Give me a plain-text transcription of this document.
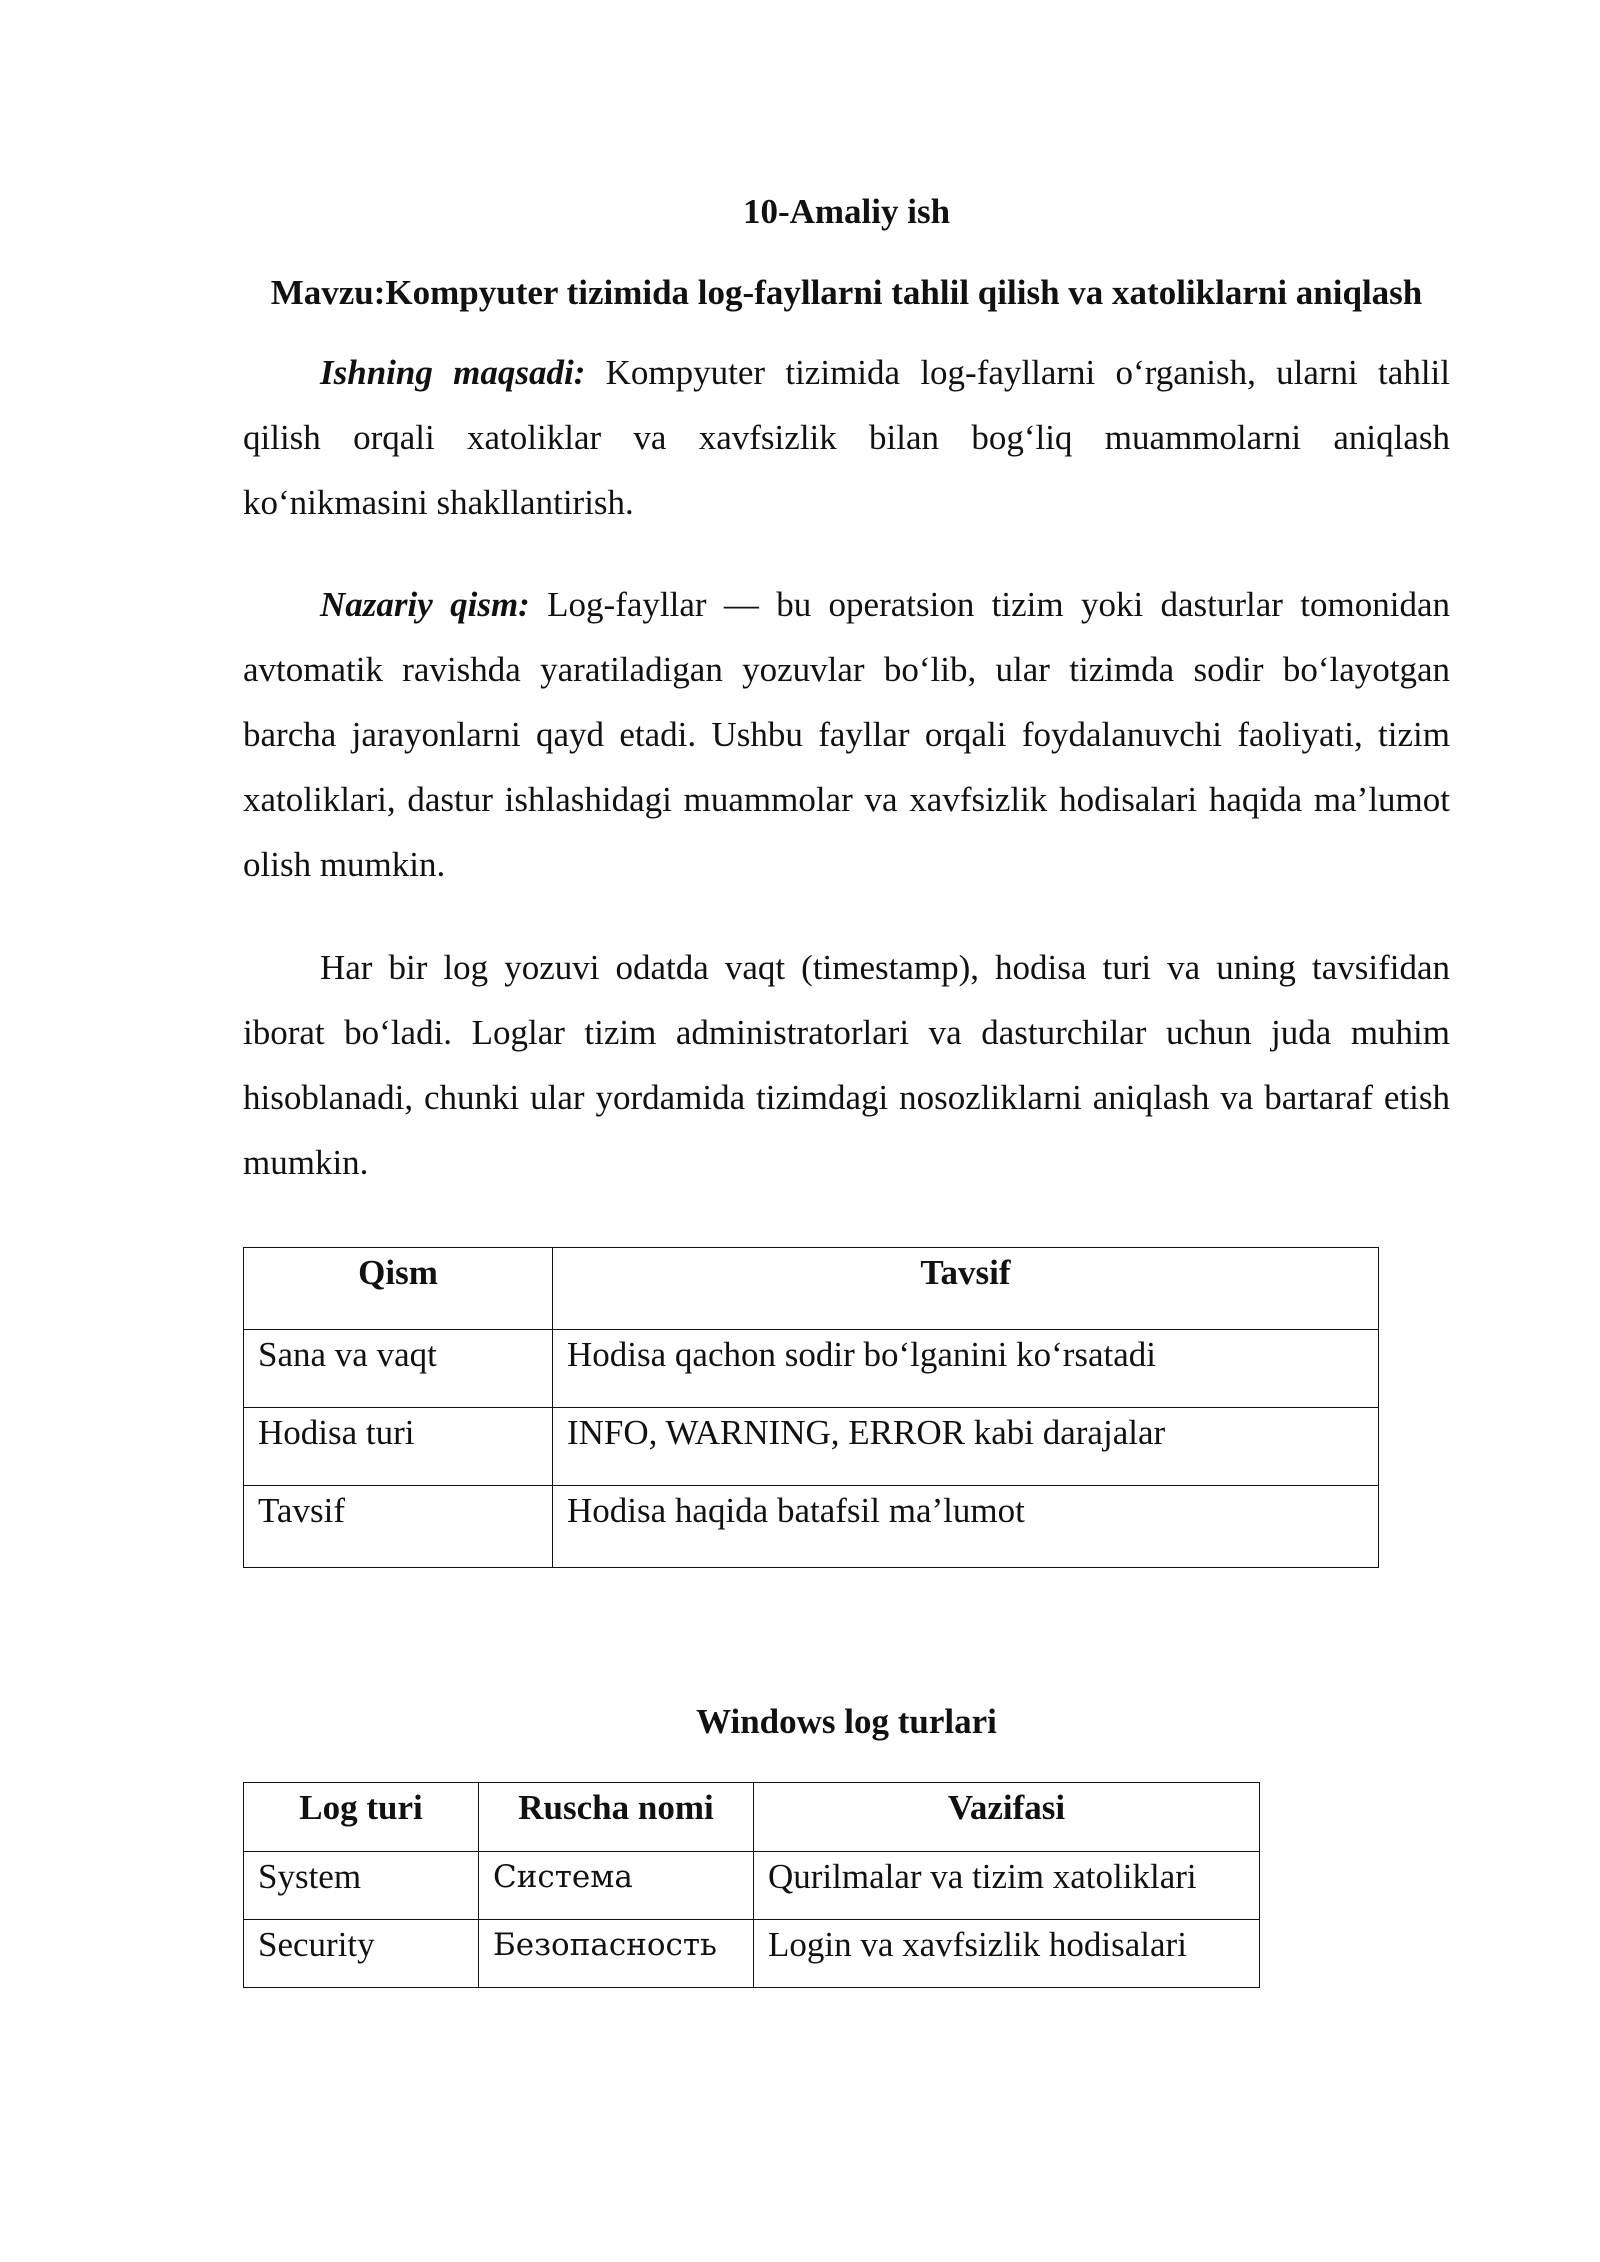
10-Amaliy ish
Mavzu:Kompyuter tizimida log-fayllarni tahlil qilish va xatoliklarni aniqlash

Ishning maqsadi: Kompyuter tizimida log-fayllarni o‘rganish, ularni tahlil qilish orqali xatoliklar va xavfsizlik bilan bog‘liq muammolarni aniqlash ko‘nikmasini shakllantirish.

Nazariy qism: Log-fayllar — bu operatsion tizim yoki dasturlar tomonidan avtomatik ravishda yaratiladigan yozuvlar bo‘lib, ular tizimda sodir bo‘layotgan barcha jarayonlarni qayd etadi. Ushbu fayllar orqali foydalanuvchi faoliyati, tizim xatoliklari, dastur ishlashidagi muammolar va xavfsizlik hodisalari haqida ma’lumot olish mumkin.

Har bir log yozuvi odatda vaqt (timestamp), hodisa turi va uning tavsifidan iborat bo‘ladi. Loglar tizim administratorlari va dasturchilar uchun juda muhim hisoblanadi, chunki ular yordamida tizimdagi nosozliklarni aniqlash va bartaraf etish mumkin.

Qism	Tavsif
Sana va vaqt	Hodisa qachon sodir bo‘lganini ko‘rsatadi
Hodisa turi	INFO, WARNING, ERROR kabi darajalar
Tavsif	Hodisa haqida batafsil ma’lumot
Windows log turlari
Log turi	Ruscha nomi	Vazifasi
System	Система	Qurilmalar va tizim xatoliklari
Security	Безопасность	Login va xavfsizlik hodisalari
